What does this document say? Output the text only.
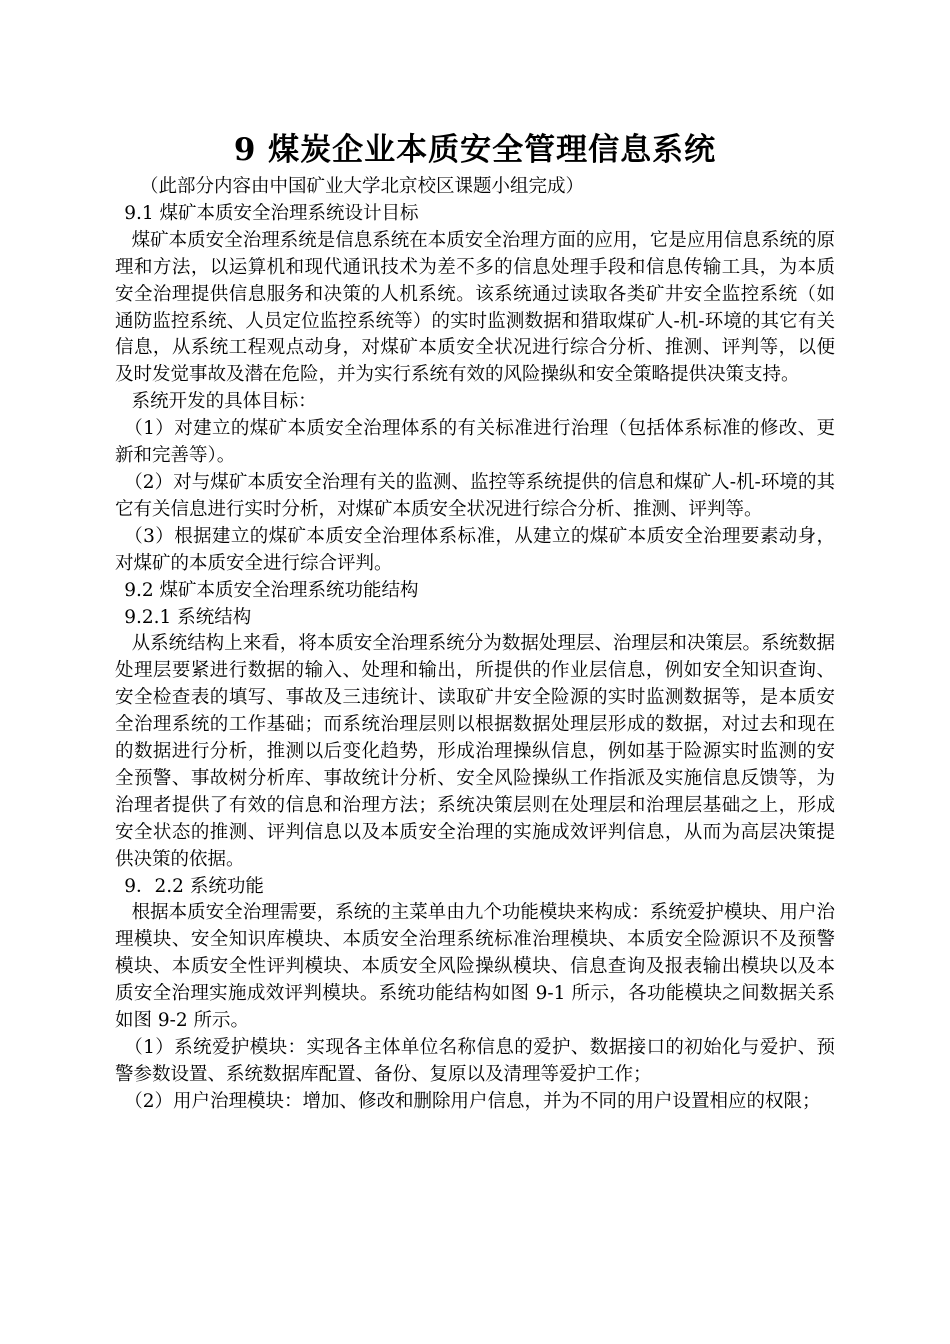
9 煤炭企业本质安全管理信息系统

（此部分内容由中国矿业大学北京校区课题小组完成）

9.1 煤矿本质安全治理系统设计目标

煤矿本质安全治理系统是信息系统在本质安全治理方面的应用，它是应用信息系统的原理和方法，以运算机和现代通讯技术为差不多的信息处理手段和信息传输工具，为本质安全治理提供信息服务和决策的人机系统。该系统通过读取各类矿井安全监控系统（如通防监控系统、人员定位监控系统等）的实时监测数据和猎取煤矿人-机-环境的其它有关信息，从系统工程观点动身，对煤矿本质安全状况进行综合分析、推测、评判等，以便及时发觉事故及潜在危险，并为实行系统有效的风险操纵和安全策略提供决策支持。

系统开发的具体目标：

（1）对建立的煤矿本质安全治理体系的有关标准进行治理（包括体系标准的修改、更新和完善等）。

（2）对与煤矿本质安全治理有关的监测、监控等系统提供的信息和煤矿人-机-环境的其它有关信息进行实时分析，对煤矿本质安全状况进行综合分析、推测、评判等。

（3）根据建立的煤矿本质安全治理体系标准，从建立的煤矿本质安全治理要素动身，对煤矿的本质安全进行综合评判。

9.2 煤矿本质安全治理系统功能结构

9.2.1 系统结构

从系统结构上来看，将本质安全治理系统分为数据处理层、治理层和决策层。系统数据处理层要紧进行数据的输入、处理和输出，所提供的作业层信息，例如安全知识查询、安全检查表的填写、事故及三违统计、读取矿井安全险源的实时监测数据等，是本质安全治理系统的工作基础；而系统治理层则以根据数据处理层形成的数据，对过去和现在的数据进行分析，推测以后变化趋势，形成治理操纵信息，例如基于险源实时监测的安全预警、事故树分析库、事故统计分析、安全风险操纵工作指派及实施信息反馈等，为治理者提供了有效的信息和治理方法；系统决策层则在处理层和治理层基础之上，形成安全状态的推测、评判信息以及本质安全治理的实施成效评判信息，从而为高层决策提供决策的依据。

9．2.2 系统功能

根据本质安全治理需要，系统的主菜单由九个功能模块来构成：系统爱护模块、用户治理模块、安全知识库模块、本质安全治理系统标准治理模块、本质安全险源识不及预警模块、本质安全性评判模块、本质安全风险操纵模块、信息查询及报表输出模块以及本质安全治理实施成效评判模块。系统功能结构如图 9-1 所示，各功能模块之间数据关系如图 9-2 所示。

（1）系统爱护模块：实现各主体单位名称信息的爱护、数据接口的初始化与爱护、预警参数设置、系统数据库配置、备份、复原以及清理等爱护工作；

（2）用户治理模块：增加、修改和删除用户信息，并为不同的用户设置相应的权限；
